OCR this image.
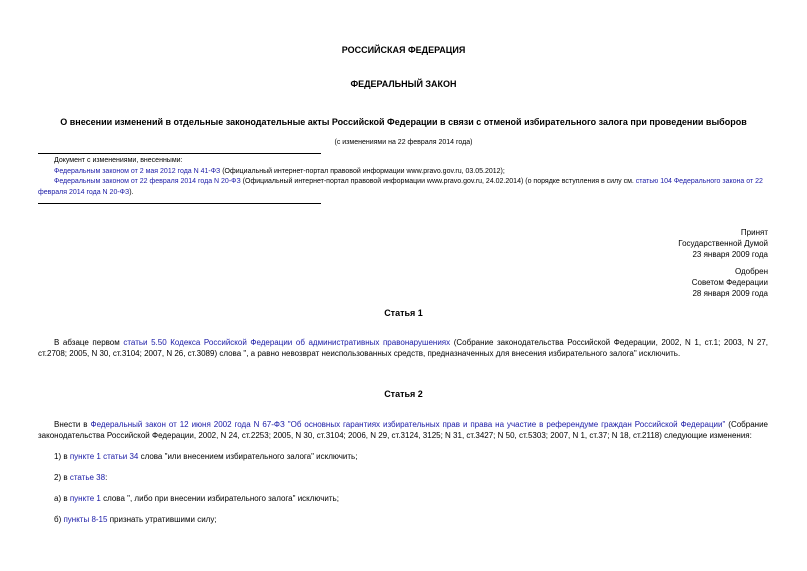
РОССИЙСКАЯ ФЕДЕРАЦИЯ
ФЕДЕРАЛЬНЫЙ ЗАКОН
О внесении изменений в отдельные законодательные акты Российской Федерации в связи с отменой избирательного залога при проведении выборов
(с изменениями на 22 февраля 2014 года)
Документ с изменениями, внесенными:
Федеральным законом от 2 мая 2012 года N 41-ФЗ (Официальный интернет-портал правовой информации www.pravo.gov.ru, 03.05.2012);
Федеральным законом от 22 февраля 2014 года N 20-ФЗ (Официальный интернет-портал правовой информации www.pravo.gov.ru, 24.02.2014) (о порядке вступления в силу см. статью 104 Федерального закона от 22 февраля 2014 года N 20-ФЗ).
Принят
Государственной Думой
23 января 2009 года
Одобрен
Советом Федерации
28 января 2009 года
Статья 1
В абзаце первом статьи 5.50 Кодекса Российской Федерации об административных правонарушениях (Собрание законодательства Российской Федерации, 2002, N 1, ст.1; 2003, N 27, ст.2708; 2005, N 30, ст.3104; 2007, N 26, ст.3089) слова ", а равно невозврат неиспользованных средств, предназначенных для внесения избирательного залога" исключить.
Статья 2
Внести в Федеральный закон от 12 июня 2002 года N 67-ФЗ "Об основных гарантиях избирательных прав и права на участие в референдуме граждан Российской Федерации" (Собрание законодательства Российской Федерации, 2002, N 24, ст.2253; 2005, N 30, ст.3104; 2006, N 29, ст.3124, 3125; N 31, ст.3427; N 50, ст.5303; 2007, N 1, ст.37; N 18, ст.2118) следующие изменения:
1) в пункте 1 статьи 34 слова "или внесением избирательного залога" исключить;
2) в статье 38:
а) в пункте 1 слова ", либо при внесении избирательного залога" исключить;
б) пункты 8-15 признать утратившими силу;
